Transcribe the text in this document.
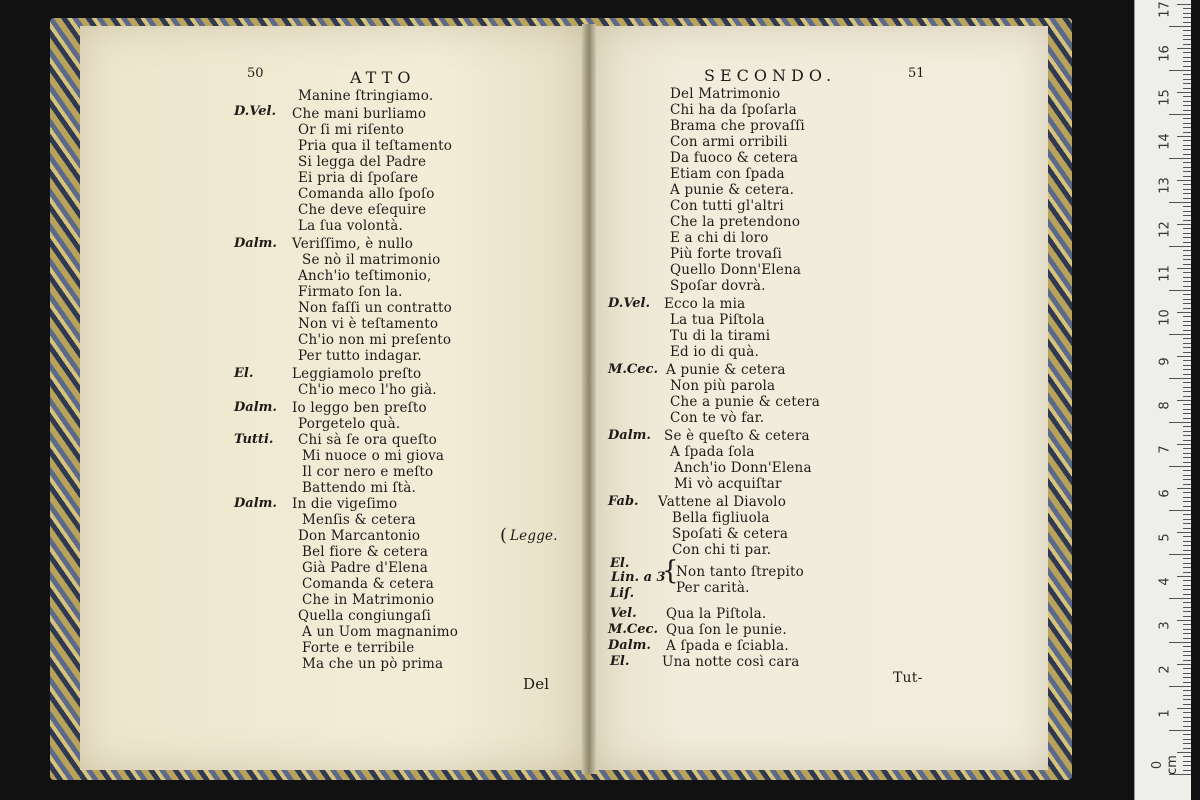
50	ATTO
Legge.
(
Del
Manine ſtringiamo.
Che mani burliamo
Or ſi mi riſento
Pria qua il teſtamento
Si legga del Padre
Ei pria di ſpoſare
Comanda allo ſpoſo
Che deve eſequire
La ſua volontà.
Veriſſimo, è nullo
Se nò il matrimonio
Anch'io teſtimonio,
Firmato ſon la.
Non faſſi un contratto
Non vi è teſtamento
Ch'io non mi preſento
Per tutto indagar.
Leggiamolo preſto
Ch'io meco l'ho già.
Io leggo ben preſto
Porgetelo quà.
Chi sà ſe ora queſto
Mi nuoce o mi giova
Il cor nero e meſto
Battendo mi ſtà.
In die vigeſimo
Menſis & cetera
Don Marcantonio
Bel fiore & cetera
Già Padre d'Elena
Comanda & cetera
Che in Matrimonio
Quella congiungaſi
A un Uom magnanimo
Forte e terribile
Ma che un pò prima
D.Vel.
Dalm.
El.
Dalm.
Tutti.
Dalm.
SECONDO.	51
Lin. a 3
{
Tut-
Del Matrimonio
Chi ha da ſpoſarla
Brama che provaſſi
Con armi orribili
Da fuoco & cetera
Etiam con ſpada
A punie & cetera.
Con tutti gl'altri
Che la pretendono
E a chi di loro
Più forte trovaſi
Quello Donn'Elena
Spoſar dovrà.
Ecco la mia
La tua Piſtola
Tu di la tirami
Ed io di quà.
A punie & cetera
Non più parola
Che a punie & cetera
Con te vò far.
Se è queſto & cetera
A ſpada ſola
Anch'io Donn'Elena
Mi vò acquiſtar
Vattene al Diavolo
Bella figliuola
Spoſati & cetera
Con chi ti par.
Non tanto ſtrepito
Per carità.
Qua la Piſtola.
Qua ſon le punie.
A ſpada e ſciabla.
Una notte così cara
D.Vel.
M.Cec.
Dalm.
Fab.
El.
Liſ.
Vel.
M.Cec.
Dalm.
El.
17
16
15
14
13
12
11
10
9
8
7
6
5
4
3
2
1
0 cm
